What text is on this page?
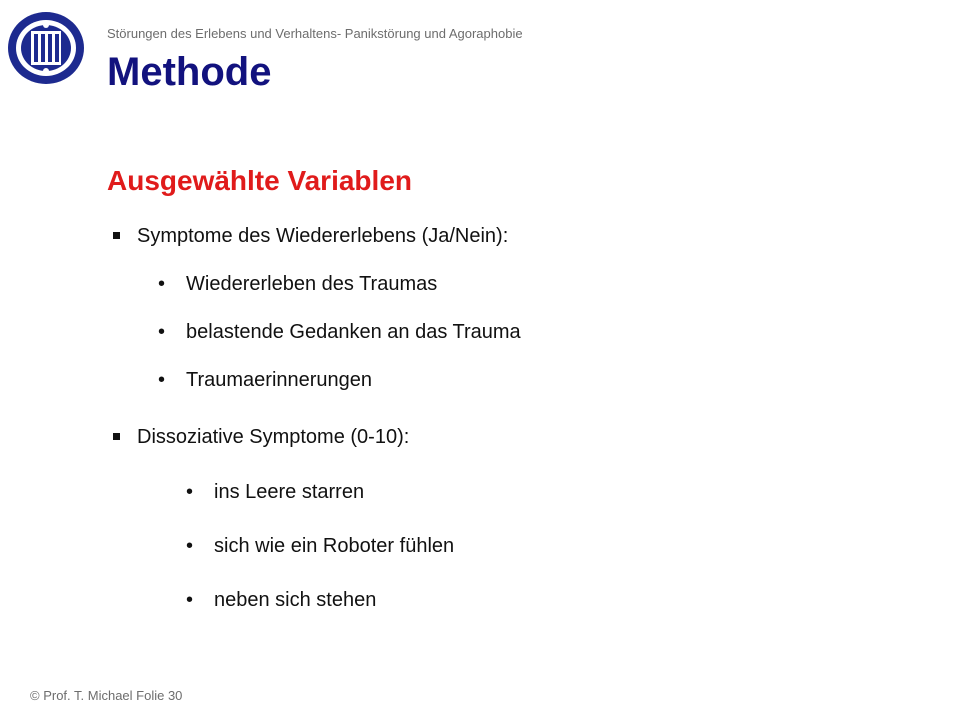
Störungen des Erlebens und Verhaltens- Panikstörung und Agoraphobie
Methode
Ausgewählte Variablen
Symptome des Wiedererlebens (Ja/Nein):
• Wiedererleben des Traumas
• belastende Gedanken an das Trauma
• Traumaerinnerungen
Dissoziative Symptome (0-10):
• ins Leere starren
• sich wie ein Roboter fühlen
• neben sich stehen
© Prof. T. Michael Folie 30
